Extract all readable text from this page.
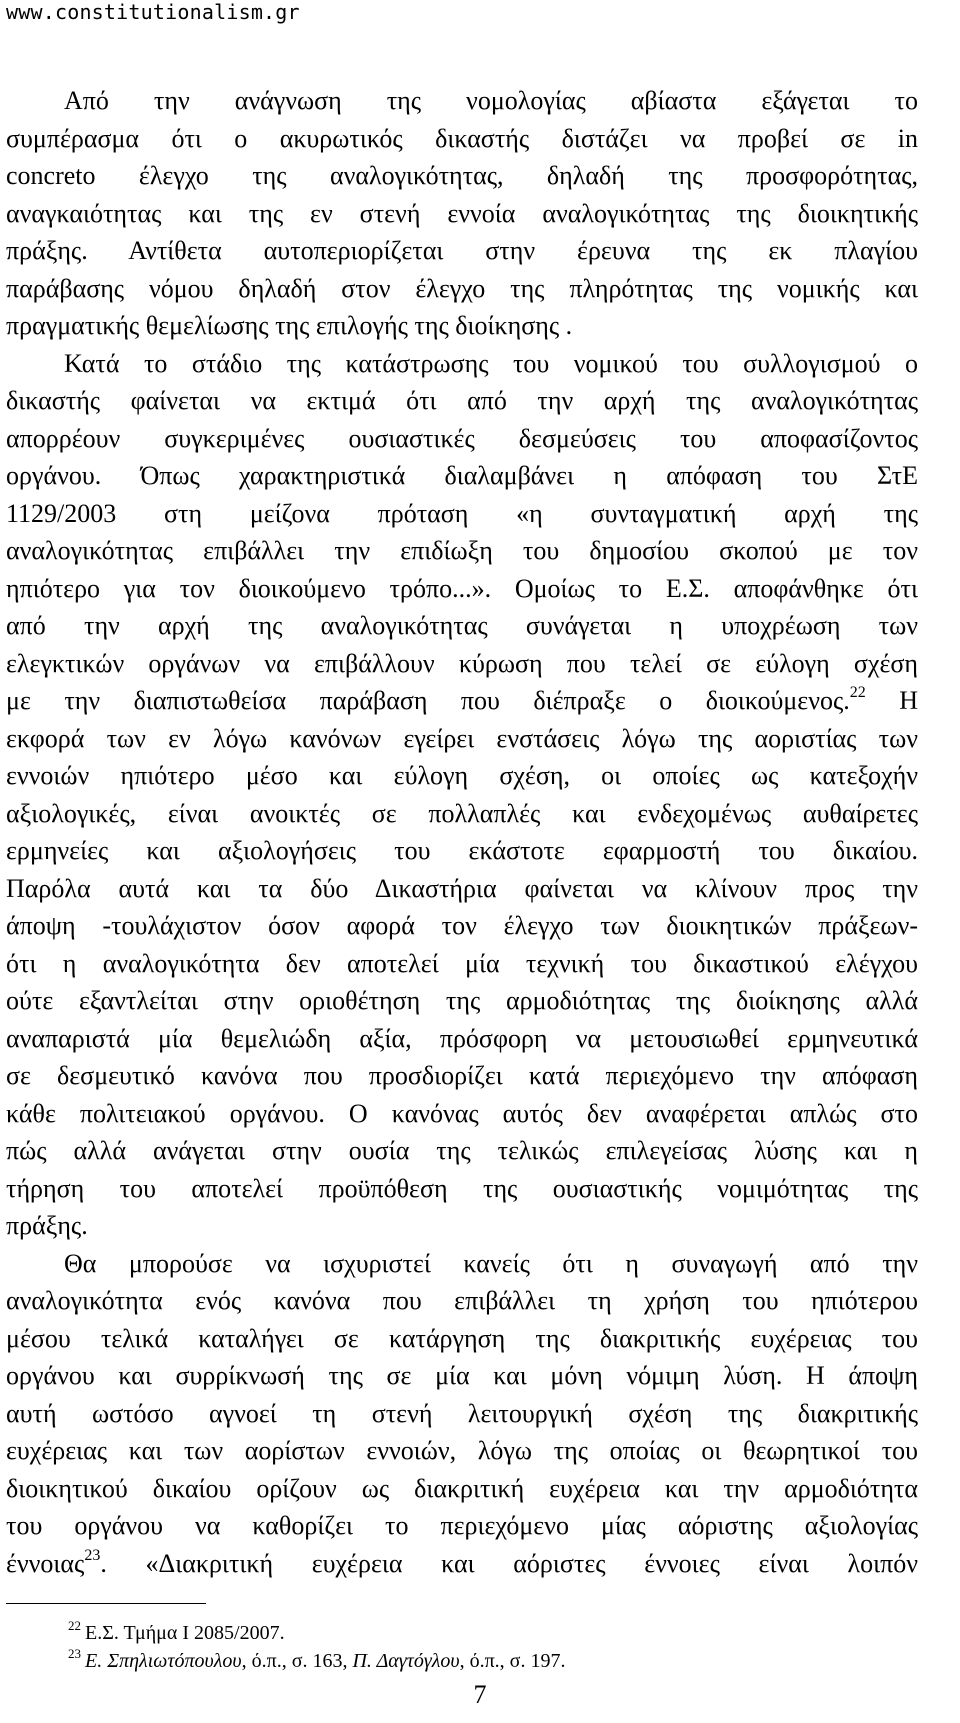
www.constitutionalism.gr
Από την ανάγνωση της νομολογίας αβίαστα εξάγεται το
συμπέρασμα ότι ο ακυρωτικός δικαστής διστάζει να προβεί σε in
concreto έλεγχο της αναλογικότητας, δηλαδή της προσφορότητας,
αναγκαιότητας και της εν στενή εννοία αναλογικότητας της διοικητικής
πράξης. Αντίθετα αυτοπεριορίζεται στην έρευνα της εκ πλαγίου
παράβασης νόμου δηλαδή στον έλεγχο της πληρότητας της νομικής και
πραγματικής θεμελίωσης της επιλογής της διοίκησης .
Κατά το στάδιο της κατάστρωσης του νομικού του συλλογισμού ο
δικαστής φαίνεται να εκτιμά ότι από την αρχή της αναλογικότητας
απορρέουν συγκεριμένες ουσιαστικές δεσμεύσεις του αποφασίζοντος
οργάνου. Όπως χαρακτηριστικά διαλαμβάνει η απόφαση του ΣτΕ
1129/2003 στη μείζονα πρόταση «η συνταγματική αρχή της
αναλογικότητας επιβάλλει την επιδίωξη του δημοσίου σκοπού με τον
ηπιότερο για τον διοικούμενο τρόπο...». Ομοίως το Ε.Σ. αποφάνθηκε ότι
από την αρχή της αναλογικότητας συνάγεται η υποχρέωση των
ελεγκτικών οργάνων να επιβάλλουν κύρωση που τελεί σε εύλογη σχέση
με την διαπιστωθείσα παράβαση που διέπραξε ο διοικούμενος.$^{22}$ Η
εκφορά των εν λόγω κανόνων εγείρει ενστάσεις λόγω της αοριστίας των
εννοιών ηπιότερο μέσο και εύλογη σχέση, οι οποίες ως κατεξοχήν
αξιολογικές, είναι ανοικτές σε πολλαπλές και ενδεχομένως αυθαίρετες
ερμηνείες και αξιολογήσεις του εκάστοτε εφαρμοστή του δικαίου.
Παρόλα αυτά και τα δύο Δικαστήρια φαίνεται να κλίνουν προς την
άποψη -τουλάχιστον όσον αφορά τον έλεγχο των διοικητικών πράξεων-
ότι η αναλογικότητα δεν αποτελεί μία τεχνική του δικαστικού ελέγχου
ούτε εξαντλείται στην οριοθέτηση της αρμοδιότητας της διοίκησης αλλά
αναπαριστά μία θεμελιώδη αξία, πρόσφορη να μετουσιωθεί ερμηνευτικά
σε δεσμευτικό κανόνα που προσδιορίζει κατά περιεχόμενο την απόφαση
κάθε πολιτειακού οργάνου. Ο κανόνας αυτός δεν αναφέρεται απλώς στο
πώς αλλά ανάγεται στην ουσία της τελικώς επιλεγείσας λύσης και η
τήρηση του αποτελεί προϋπόθεση της ουσιαστικής νομιμότητας της
πράξης.
Θα μπορούσε να ισχυριστεί κανείς ότι η συναγωγή από την
αναλογικότητα ενός κανόνα που επιβάλλει τη χρήση του ηπιότερου
μέσου τελικά καταλήγει σε κατάργηση της διακριτικής ευχέρειας του
οργάνου και συρρίκνωσή της σε μία και μόνη νόμιμη λύση. Η άποψη
αυτή ωστόσο αγνοεί τη στενή λειτουργική σχέση της διακριτικής
ευχέρειας και των αορίστων εννοιών, λόγω της οποίας οι θεωρητικοί του
διοικητικού δικαίου ορίζουν ως διακριτική ευχέρεια και την αρμοδιότητα
του οργάνου να καθορίζει το περιεχόμενο μίας αόριστης αξιολογίας
έννοιας$^{23}$. «Διακριτική ευχέρεια και αόριστες έννοιες είναι λοιπόν
$^{22}$ Ε.Σ. Τμήμα Ι 2085/2007.
$^{23}$ Ε. Σπηλιωτόπουλου, ό.π., σ. 163, Π. Δαγτόγλου, ό.π., σ. 197.
7
